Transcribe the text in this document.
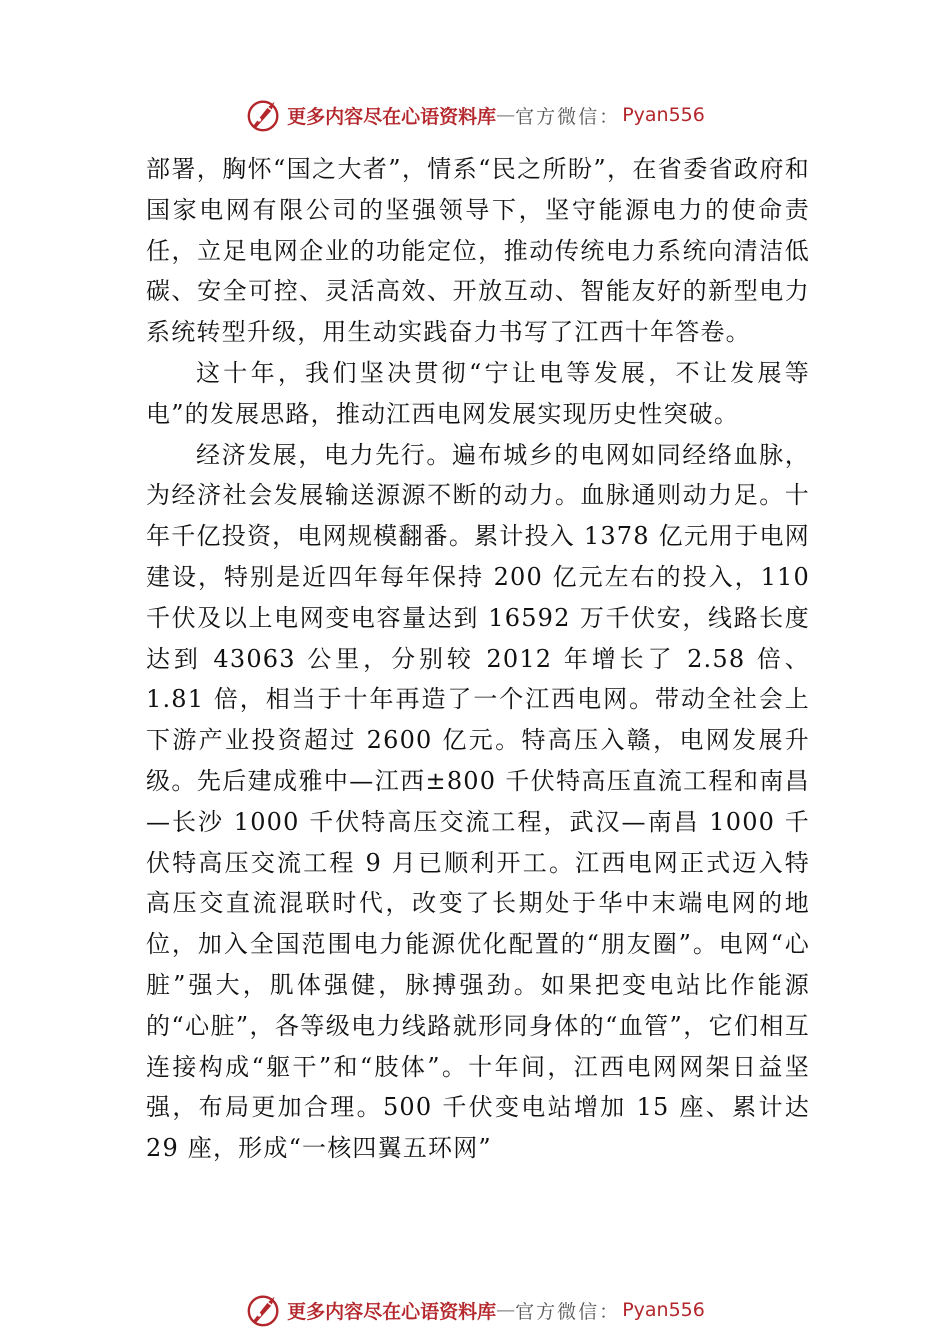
更多内容尽在心语资料库 — 官方微信： Pyan556

部署，胸怀“国之大者”，情系“民之所盼”，在省委省政府和国家电网有限公司的坚强领导下，坚守能源电力的使命责任，立足电网企业的功能定位，推动传统电力系统向清洁低碳、安全可控、灵活高效、开放互动、智能友好的新型电力系统转型升级，用生动实践奋力书写了江西十年答卷。

这十年，我们坚决贯彻“宁让电等发展，不让发展等电”的发展思路，推动江西电网发展实现历史性突破。

经济发展，电力先行。遍布城乡的电网如同经络血脉，为经济社会发展输送源源不断的动力。血脉通则动力足。十年千亿投资，电网规模翻番。累计投入 1378 亿元用于电网建设，特别是近四年每年保持 200 亿元左右的投入，110 千伏及以上电网变电容量达到 16592 万千伏安，线路长度达到 43063 公里，分别较 2012 年增长了 2.58 倍、1.81 倍，相当于十年再造了一个江西电网。带动全社会上下游产业投资超过 2600 亿元。特高压入赣，电网发展升级。先后建成雅中—江西±800 千伏特高压直流工程和南昌—长沙 1000 千伏特高压交流工程，武汉—南昌 1000 千伏特高压交流工程 9 月已顺利开工。江西电网正式迈入特高压交直流混联时代，改变了长期处于华中末端电网的地位，加入全国范围电力能源优化配置的“朋友圈”。电网“心脏”强大，肌体强健，脉搏强劲。如果把变电站比作能源的“心脏”，各等级电力线路就形同身体的“血管”，它们相互连接构成“躯干”和“肢体”。十年间，江西电网网架日益坚强，布局更加合理。500 千伏变电站增加 15 座、累计达 29 座，形成“一核四翼五环网”

更多内容尽在心语资料库 — 官方微信： Pyan556
